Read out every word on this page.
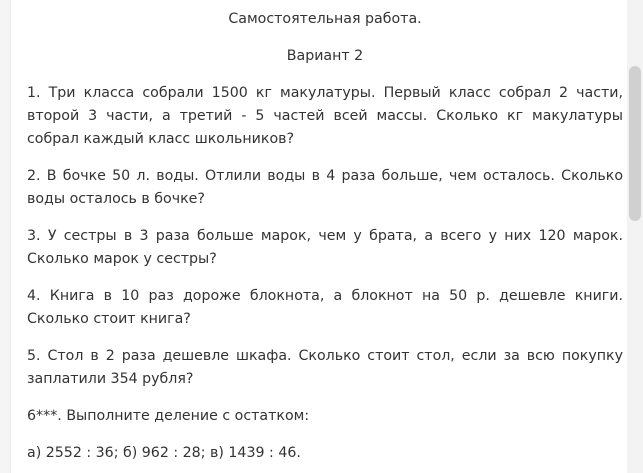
Самостоятельная работа.

Вариант 2

1. Три класса собрали 1500 кг макулатуры. Первый класс собрал 2 части, второй 3 части, а третий - 5 частей всей массы. Сколько кг макулатуры собрал каждый класс школьников?

2. В бочке 50 л. воды. Отлили воды в 4 раза больше, чем осталось. Сколько воды осталось в бочке?

3. У сестры в 3 раза больше марок, чем у брата, а всего у них 120 марок. Сколько марок у сестры?

4. Книга в 10 раз дороже блокнота, а блокнот на 50 р. дешевле книги. Сколько стоит книга?

5. Стол в 2 раза дешевле шкафа. Сколько стоит стол, если за всю покупку заплатили 354 рубля?

6***. Выполните деление с остатком:

а) 2552 : 36; б) 962 : 28; в) 1439 : 46.
